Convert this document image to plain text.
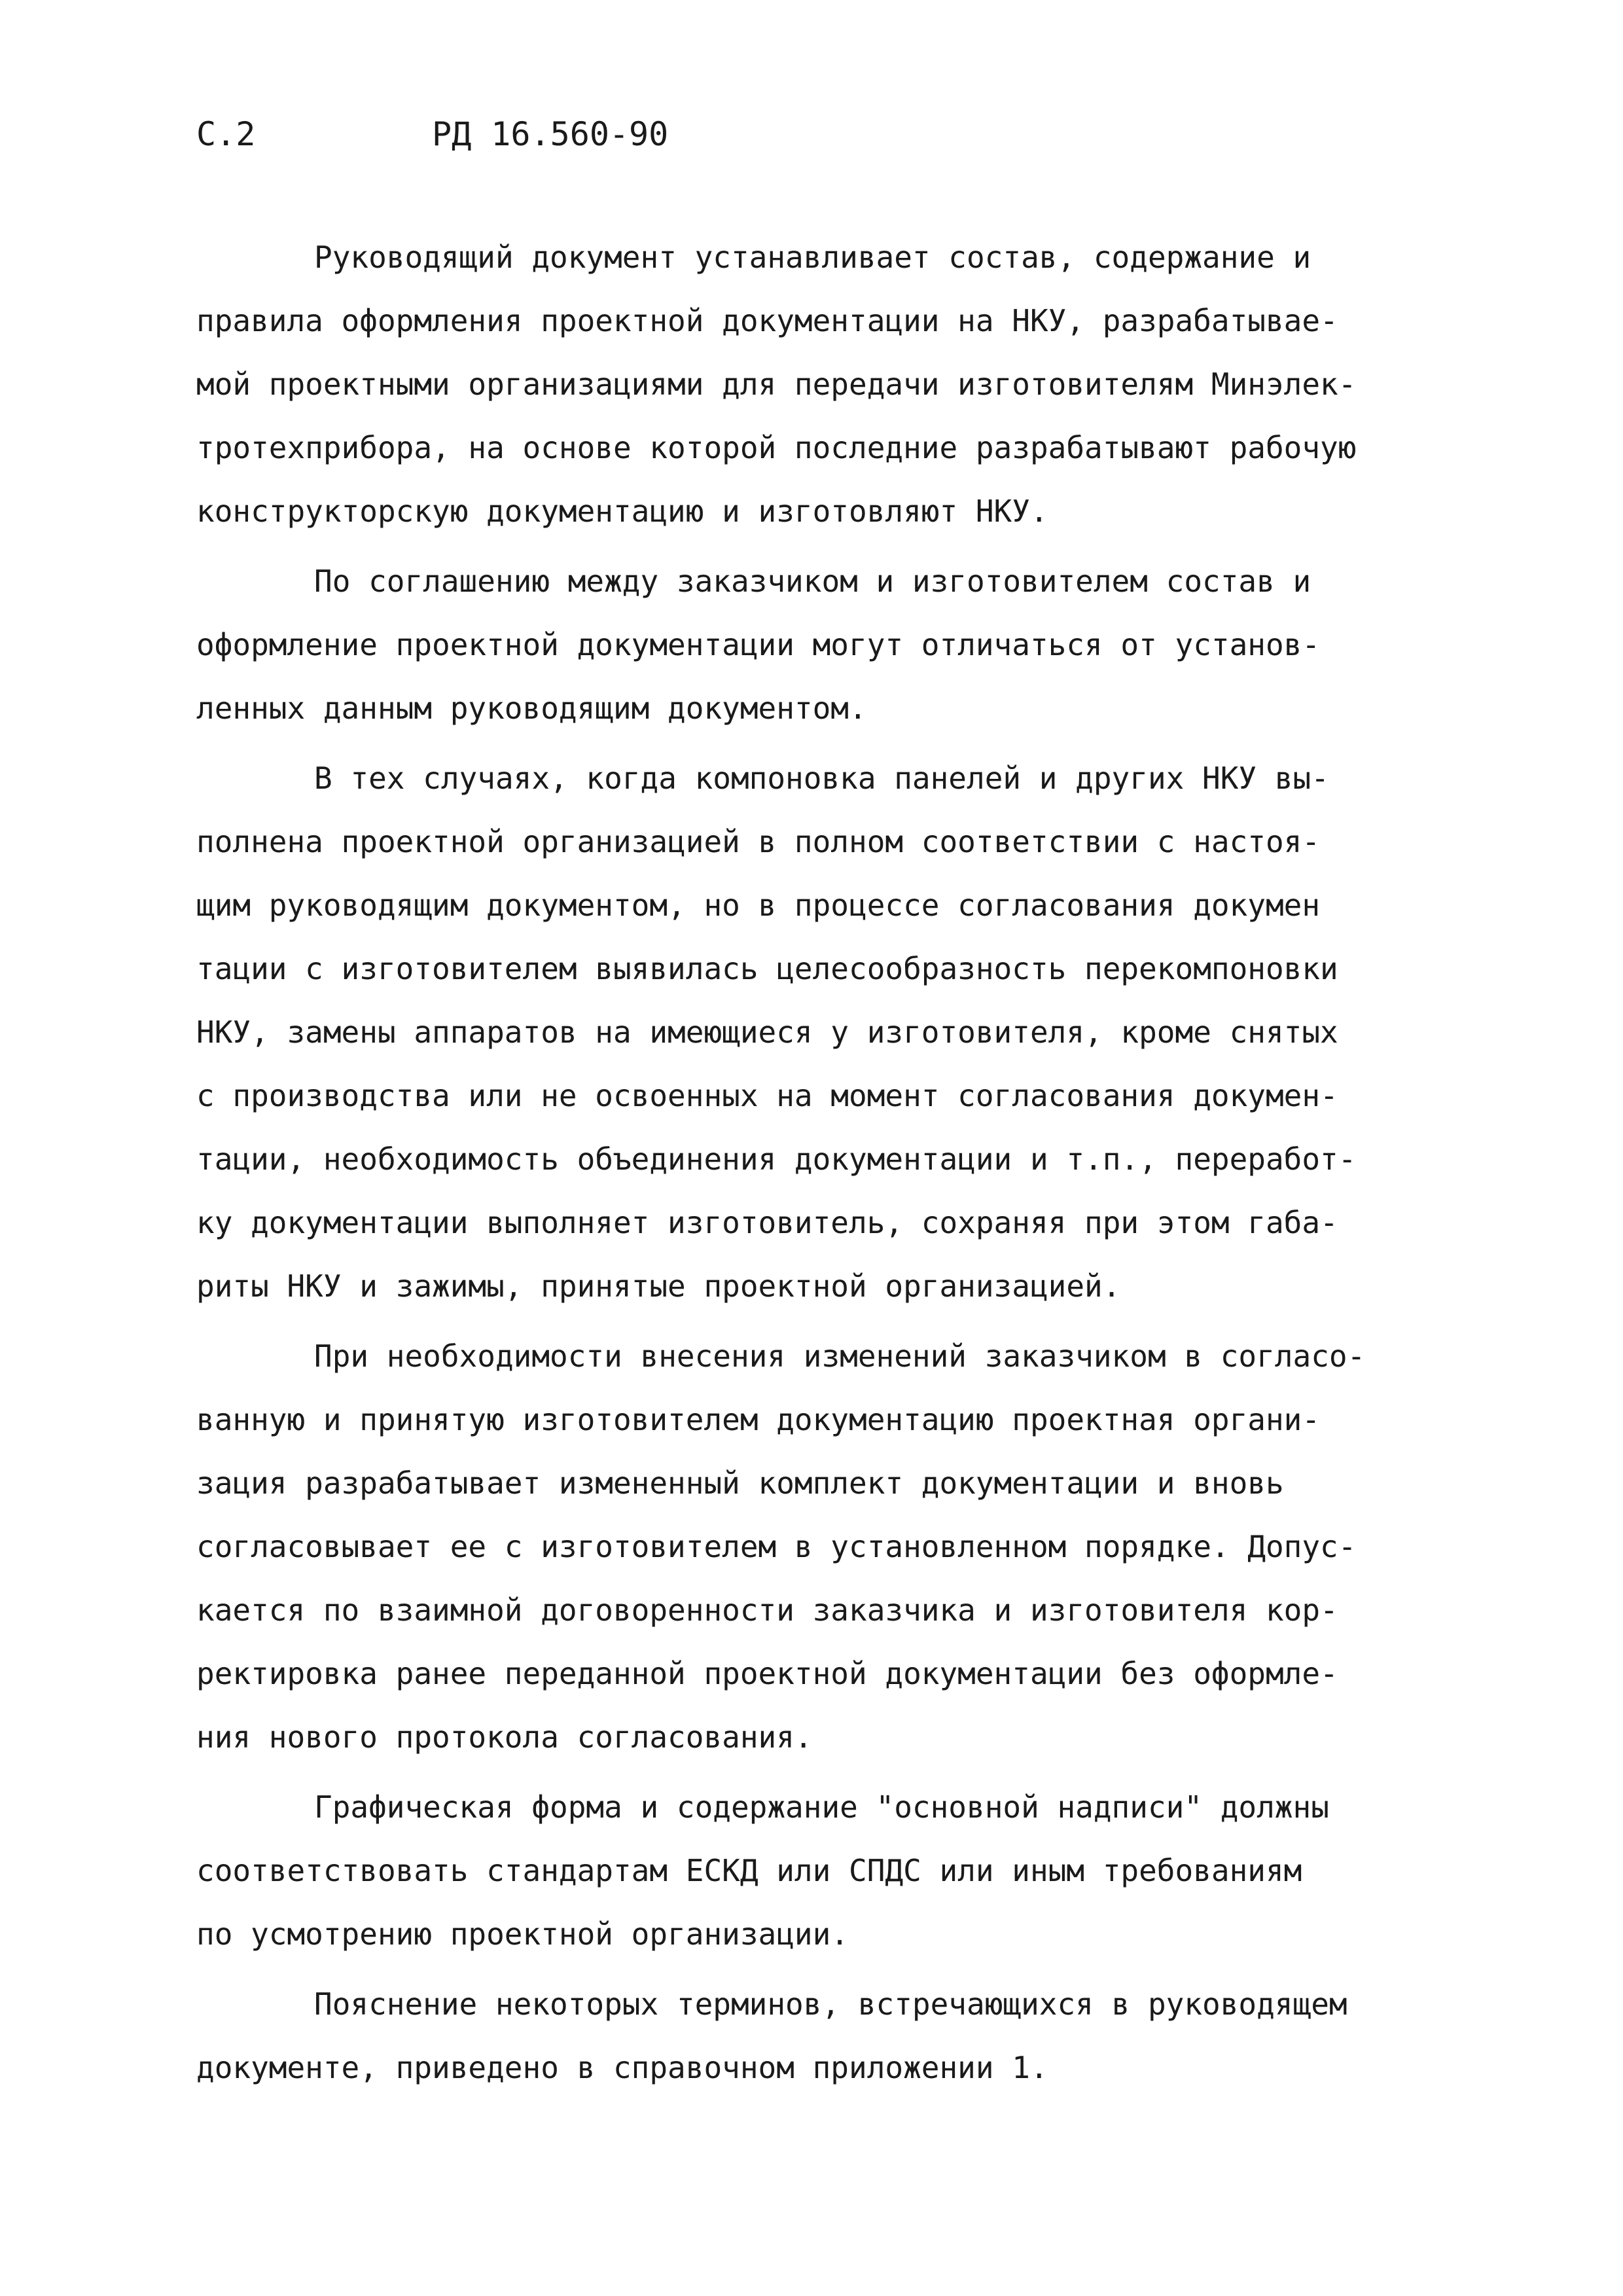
С.2	РД 16.560-90
Руководящий документ устанавливает состав, содержание и
правила оформления проектной документации на НКУ, разрабатывае-
мой проектными организациями для передачи изготовителям Минэлек-
тротехприбора, на основе которой последние разрабатывают рабочую
конструкторскую документацию и изготовляют НКУ.
По соглашению между заказчиком и изготовителем состав и
оформление проектной документации могут отличаться от установ-
ленных данным руководящим документом.
В тех случаях, когда компоновка панелей и других НКУ вы-
полнена проектной организацией в полном соответствии с настоя-
щим руководящим документом, но в процессе согласования докумен
тации с изготовителем выявилась целесообразность перекомпоновки
НКУ, замены аппаратов на имеющиеся у изготовителя, кроме снятых
с производства или не освоенных на момент согласования докумен-
тации, необходимость объединения документации и т.п., переработ-
ку документации выполняет изготовитель, сохраняя при этом габа-
риты НКУ и зажимы, принятые проектной организацией.
При необходимости внесения изменений заказчиком в согласо-
ванную и принятую изготовителем документацию проектная органи-
зация разрабатывает измененный комплект документации и вновь
согласовывает ее с изготовителем в установленном порядке. Допус-
кается по взаимной договоренности заказчика и изготовителя кор-
ректировка ранее переданной проектной документации без оформле-
ния нового протокола согласования.
Графическая форма и содержание "основной надписи" должны
соответствовать стандартам ЕСКД или СПДС или иным требованиям
по усмотрению проектной организации.
Пояснение некоторых терминов, встречающихся в руководящем
документе, приведено в справочном приложении 1.
